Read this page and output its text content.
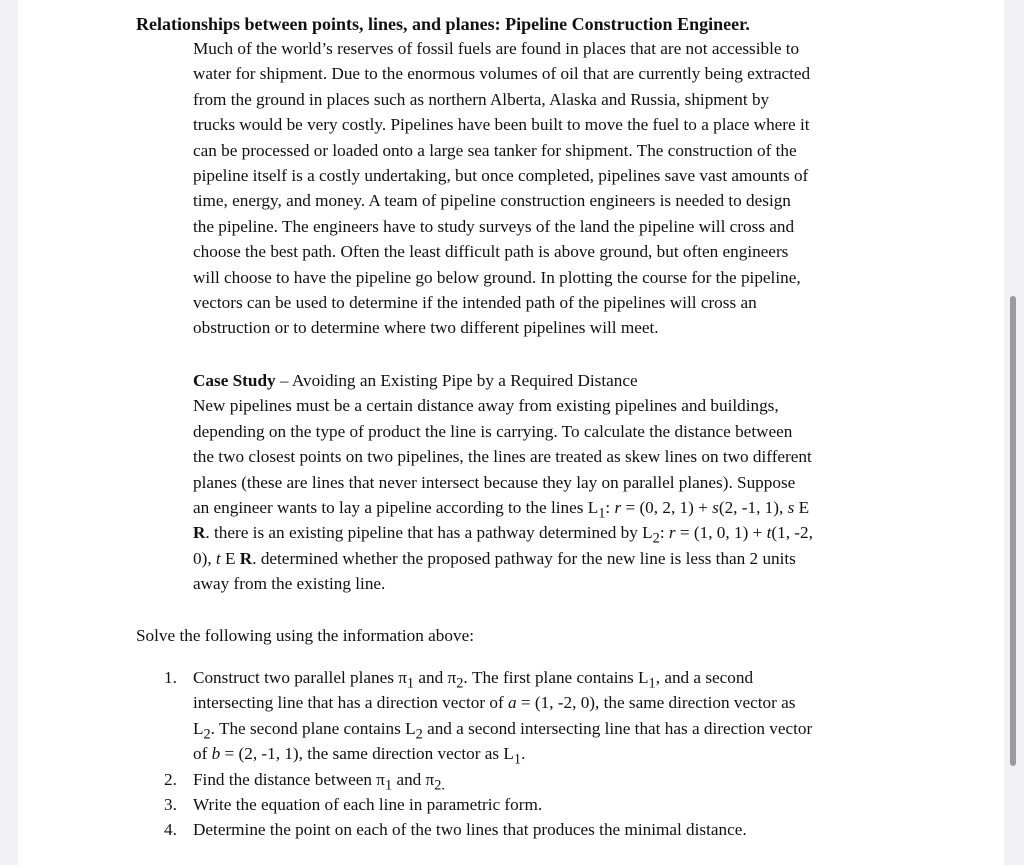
Relationships between points, lines, and planes: Pipeline Construction Engineer.
Much of the world’s reserves of fossil fuels are found in places that are not accessible to
water for shipment. Due to the enormous volumes of oil that are currently being extracted
from the ground in places such as northern Alberta, Alaska and Russia, shipment by
trucks would be very costly. Pipelines have been built to move the fuel to a place where it
can be processed or loaded onto a large sea tanker for shipment. The construction of the
pipeline itself is a costly undertaking, but once completed, pipelines save vast amounts of
time, energy, and money. A team of pipeline construction engineers is needed to design
the pipeline. The engineers have to study surveys of the land the pipeline will cross and
choose the best path. Often the least difficult path is above ground, but often engineers
will choose to have the pipeline go below ground. In plotting the course for the pipeline,
vectors can be used to determine if the intended path of the pipelines will cross an
obstruction or to determine where two different pipelines will meet.
Case Study – Avoiding an Existing Pipe by a Required Distance
New pipelines must be a certain distance away from existing pipelines and buildings,
depending on the type of product the line is carrying. To calculate the distance between
the two closest points on two pipelines, the lines are treated as skew lines on two different
planes (these are lines that never intersect because they lay on parallel planes). Suppose
an engineer wants to lay a pipeline according to the lines $L_1$: r = (0, 2, 1) + s(2, -1, 1), s E
R. there is an existing pipeline that has a pathway determined by $L_2$: r = (1, 0, 1) + t(1, -2,
0), t E R. determined whether the proposed pathway for the new line is less than 2 units
away from the existing line.
Solve the following using the information above:
1. Construct two parallel planes $\pi_1$ and $\pi_2$. The first plane contains $L_1$, and a second
intersecting line that has a direction vector of a = (1, -2, 0), the same direction vector as
$L_2$. The second plane contains $L_2$ and a second intersecting line that has a direction vector
of b = (2, -1, 1), the same direction vector as $L_1$.
2. Find the distance between $\pi_1$ and $\pi_{2.}$
3. Write the equation of each line in parametric form.
4. Determine the point on each of the two lines that produces the minimal distance.
